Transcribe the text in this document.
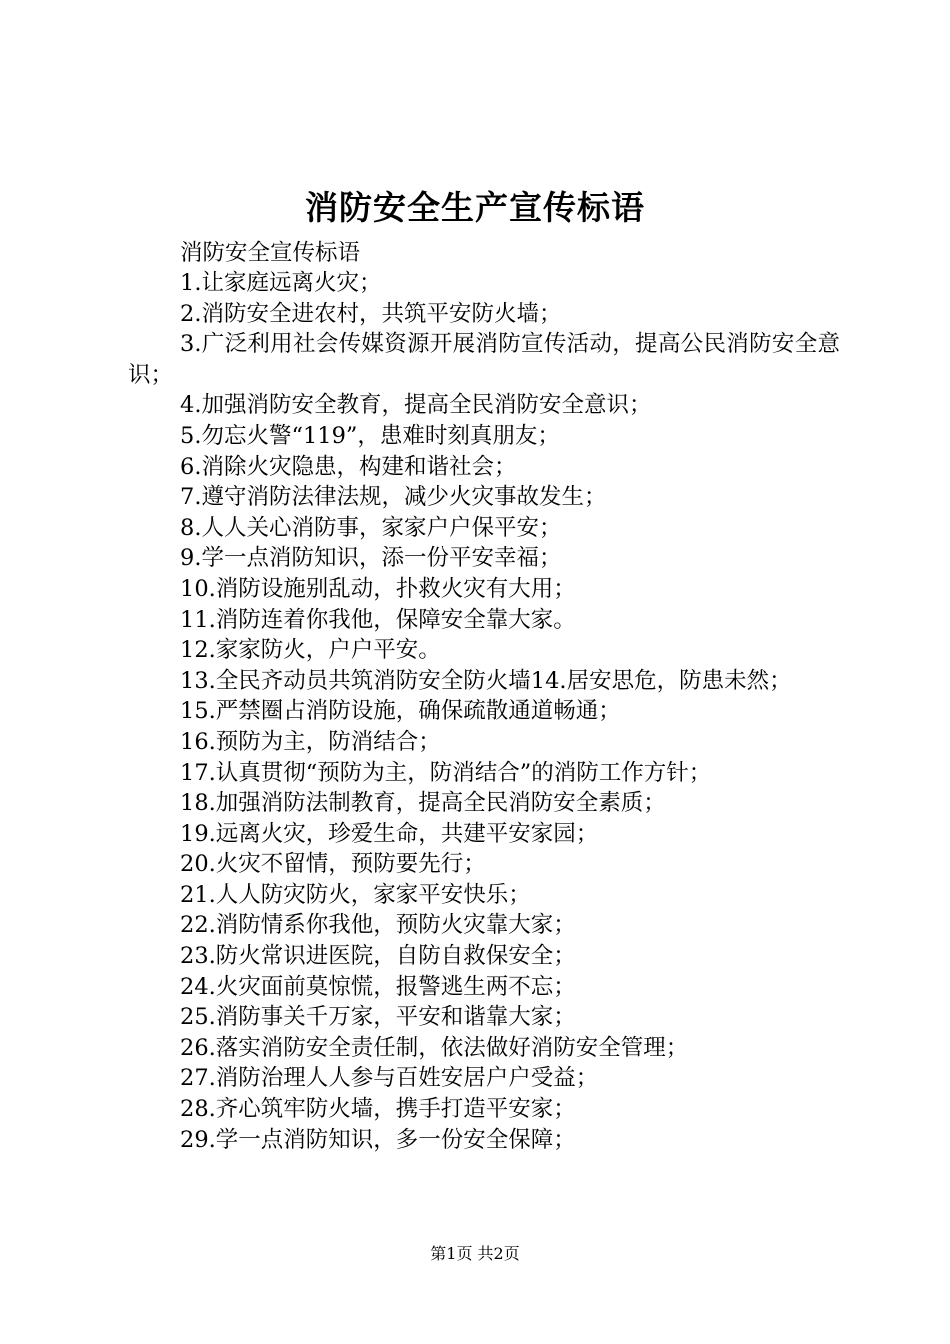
消防安全生产宣传标语

消防安全宣传标语

1.让家庭远离火灾；

2.消防安全进农村，共筑平安防火墙；

3.广泛利用社会传媒资源开展消防宣传活动，提高公民消防安全意识；

4.加强消防安全教育，提高全民消防安全意识；

5.勿忘火警“119”，患难时刻真朋友；

6.消除火灾隐患，构建和谐社会；

7.遵守消防法律法规，减少火灾事故发生；

8.人人关心消防事，家家户户保平安；

9.学一点消防知识，添一份平安幸福；

10.消防设施别乱动，扑救火灾有大用；

11.消防连着你我他，保障安全靠大家。

12.家家防火，户户平安。

13.全民齐动员共筑消防安全防火墙14.居安思危，防患未然；

15.严禁圈占消防设施，确保疏散通道畅通；

16.预防为主，防消结合；

17.认真贯彻“预防为主，防消结合”的消防工作方针；

18.加强消防法制教育，提高全民消防安全素质；

19.远离火灾，珍爱生命，共建平安家园；

20.火灾不留情，预防要先行；

21.人人防灾防火，家家平安快乐；

22.消防情系你我他，预防火灾靠大家；

23.防火常识进医院，自防自救保安全；

24.火灾面前莫惊慌，报警逃生两不忘；

25.消防事关千万家，平安和谐靠大家；

26.落实消防安全责任制，依法做好消防安全管理；

27.消防治理人人参与百姓安居户户受益；

28.齐心筑牢防火墙，携手打造平安家；

29.学一点消防知识，多一份安全保障；

第1页 共2页
